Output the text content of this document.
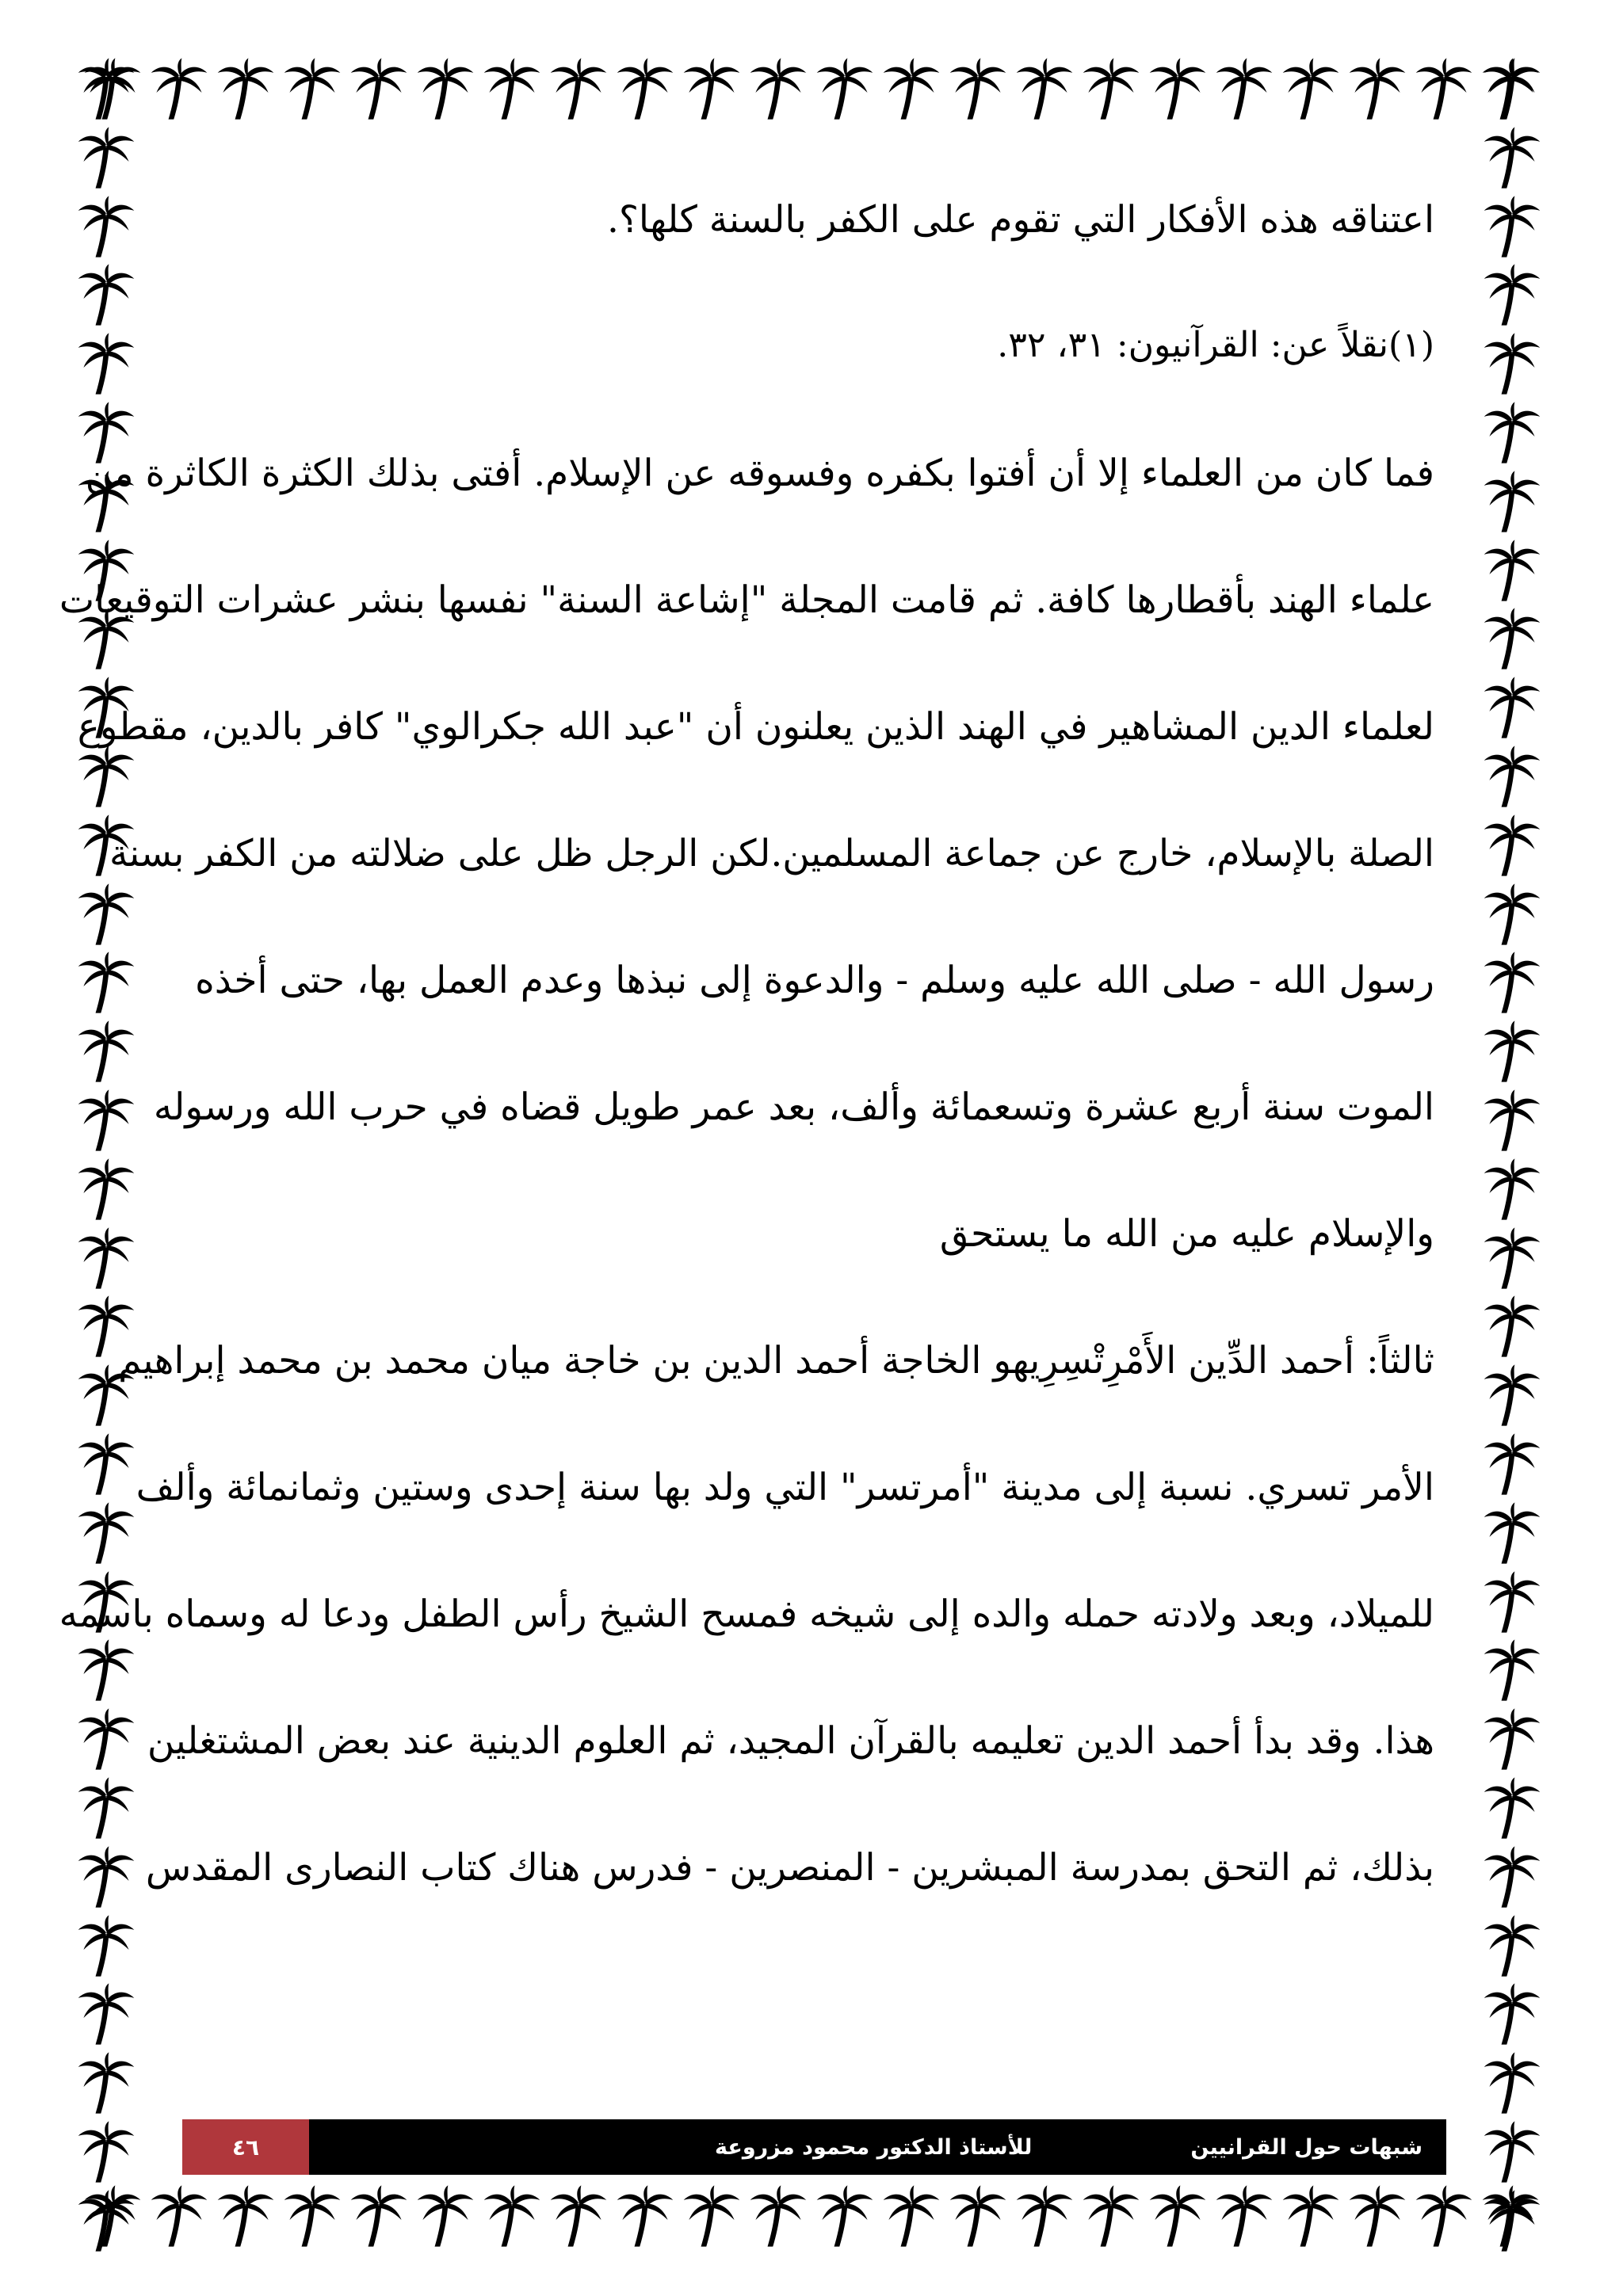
اعتناقه هذه الأفكار التي تقوم على الكفر بالسنة كلها؟.
(١)نقلاً عن: القرآنيون: ٣١، ٣٢.
فما كان من العلماء إلا أن أفتوا بكفره وفسوقه عن الإسلام. أفتى بذلك الكثرة الكاثرة من
علماء الهند بأقطارها كافة. ثم قامت المجلة "إشاعة السنة" نفسها بنشر عشرات التوقيعات
لعلماء الدين المشاهير في الهند الذين يعلنون أن "عبد الله جكرالوي" كافر بالدين، مقطوع
الصلة بالإسلام، خارج عن جماعة المسلمين.لكن الرجل ظل على ضلالته من الكفر بسنة
رسول الله - صلى الله عليه وسلم - والدعوة إلى نبذها وعدم العمل بها، حتى أخذه
الموت سنة أربع عشرة وتسعمائة وألف، بعد عمر طويل قضاه في حرب الله ورسوله
والإسلام عليه من الله ما يستحق
ثالثاً: أحمد الدِّين الأَمْرِتْسِرِيهو الخاجة أحمد الدين بن خاجة ميان محمد بن محمد إبراهيم
الأمر تسري. نسبة إلى مدينة "أمرتسر" التي ولد بها سنة إحدى وستين وثمانمائة وألف
للميلاد، وبعد ولادته حمله والده إلى شيخه فمسح الشيخ رأس الطفل ودعا له وسماه باسمه
هذا. وقد بدأ أحمد الدين تعليمه بالقرآن المجيد، ثم العلوم الدينية عند بعض المشتغلين
بذلك، ثم التحق بمدرسة المبشرين - المنصرين - فدرس هناك كتاب النصارى المقدس
شبهات حول القرانيين
للأستاذ الدكتور محمود مزروعة
٤٦
